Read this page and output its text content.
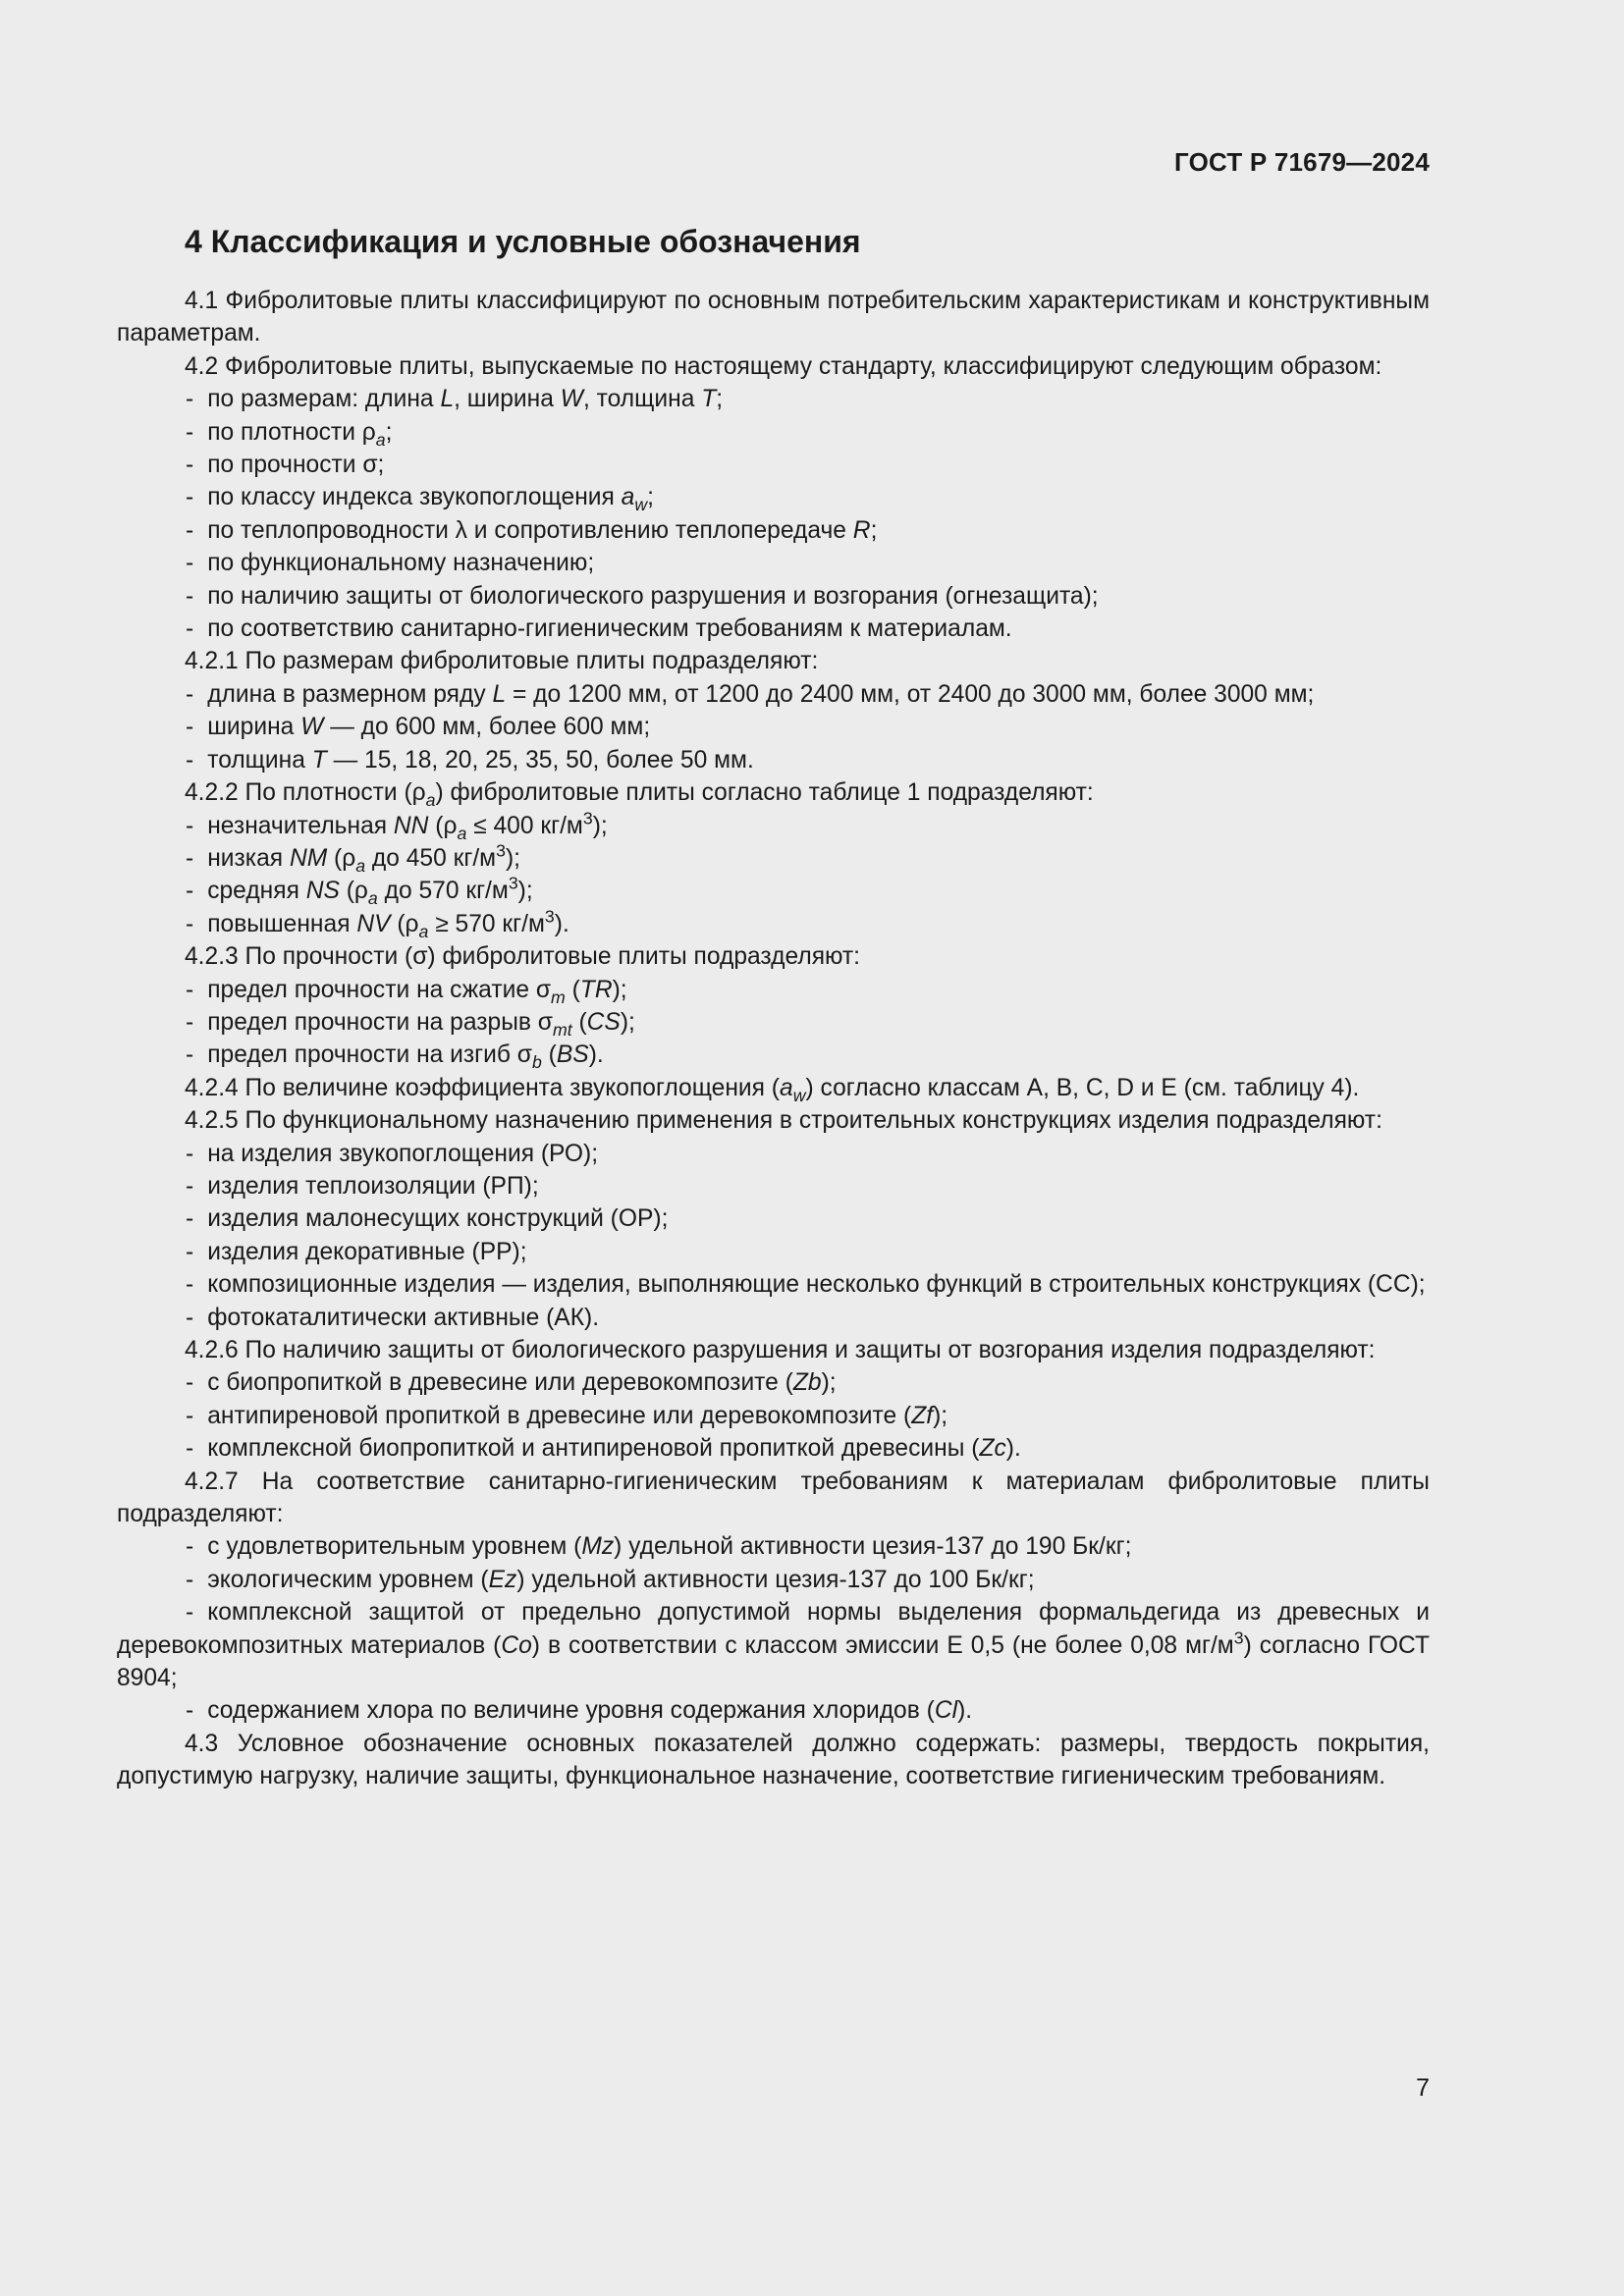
ГОСТ Р 71679—2024
4 Классификация и условные обозначения

4.1 Фибролитовые плиты классифицируют по основным потребительским характеристикам и конструктивным параметрам.

4.2 Фибролитовые плиты, выпускаемые по настоящему стандарту, классифицируют следующим образом:

- по размерам: длина L, ширина W, толщина T;

- по плотности $\rho_a$;

- по прочности σ;

- по классу индекса звукопоглощения $a_w$;

- по теплопроводности λ и сопротивлению теплопередаче R;

- по функциональному назначению;

- по наличию защиты от биологического разрушения и возгорания (огнезащита);

- по соответствию санитарно-гигиеническим требованиям к материалам.

4.2.1 По размерам фибролитовые плиты подразделяют:

- длина в размерном ряду L = до 1200 мм, от 1200 до 2400 мм, от 2400 до 3000 мм, более 3000 мм;

- ширина W — до 600 мм, более 600 мм;

- толщина T — 15, 18, 20, 25, 35, 50, более 50 мм.

4.2.2 По плотности $(\rho_a)$ фибролитовые плиты согласно таблице 1 подразделяют:

- незначительная NN ($\rho_a \le 400$ $кг/м^3$);

- низкая NM ($\rho_a$ до 450 $кг/м^3$);

- средняя NS ($\rho_a$ до 570 $кг/м^3$);

- повышенная NV ($\rho_a \ge 570$ $кг/м^3$).

4.2.3 По прочности (σ) фибролитовые плиты подразделяют:

- предел прочности на сжатие $\sigma_m$ (TR);

- предел прочности на разрыв $\sigma_{mt}$ (CS);

- предел прочности на изгиб $\sigma_b$ (BS).

4.2.4 По величине коэффициента звукопоглощения $(a_w)$ согласно классам A, B, C, D и E (см. таблицу 4).

4.2.5 По функциональному назначению применения в строительных конструкциях изделия подразделяют:

- на изделия звукопоглощения (РО);

- изделия теплоизоляции (РП);

- изделия малонесущих конструкций (ОР);

- изделия декоративные (РР);

- композиционные изделия — изделия, выполняющие несколько функций в строительных конструкциях (СС);

- фотокаталитически активные (АК).

4.2.6 По наличию защиты от биологического разрушения и защиты от возгорания изделия подразделяют:

- с биопропиткой в древесине или деревокомпозите (Zb);

- антипиреновой пропиткой в древесине или деревокомпозите (Zf);

- комплексной биопропиткой и антипиреновой пропиткой древесины (Zc).

4.2.7 На соответствие санитарно-гигиеническим требованиям к материалам фибролитовые плиты подразделяют:

- с удовлетворительным уровнем (Mz) удельной активности цезия-137 до 190 Бк/кг;

- экологическим уровнем (Ez) удельной активности цезия-137 до 100 Бк/кг;

- комплексной защитой от предельно допустимой нормы выделения формальдегида из древесных и деревокомпозитных материалов (Co) в соответствии с классом эмиссии E 0,5 (не более 0,08 $мг/м^3$) согласно ГОСТ 8904;

- содержанием хлора по величине уровня содержания хлоридов (Cl).

4.3 Условное обозначение основных показателей должно содержать: размеры, твердость покрытия, допустимую нагрузку, наличие защиты, функциональное назначение, соответствие гигиеническим требованиям.

7
